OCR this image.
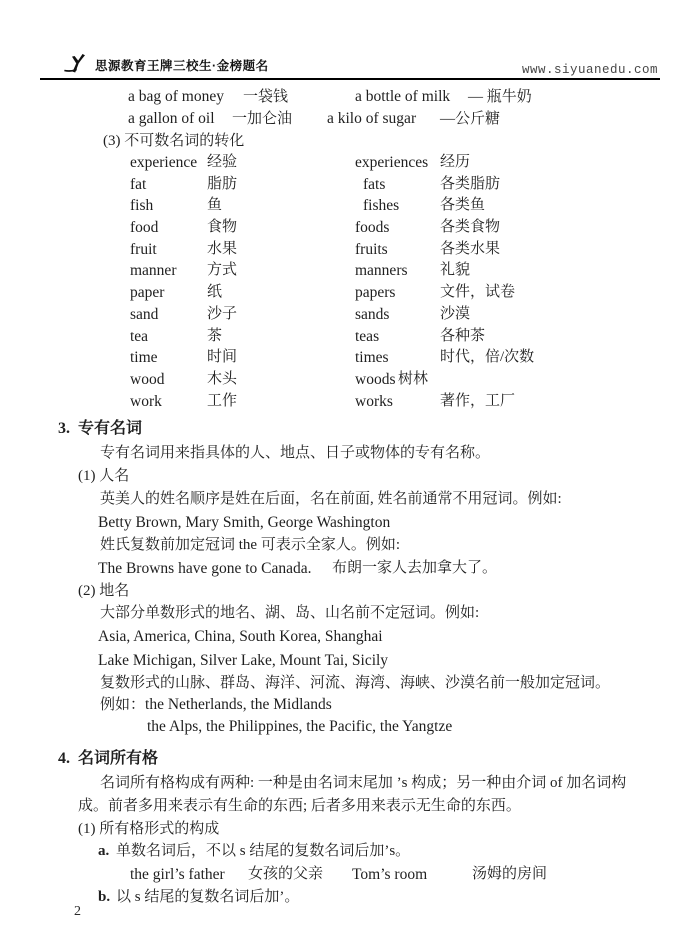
思源教育王牌三校生·金榜题名	www.siyuanedu.com
a bag of money 一袋钱	a bottle of milk — 瓶牛奶
a gallon of oil 一加仑油 a kilo of sugar —公斤糖
(3) 不可数名词的转化
experience 经验	experiences 经历
fat	脂肪	fats	各类脂肪
fish	鱼	fishes	各类鱼
food	食物	foods	各类食物
fruit	水果	fruits	各类水果
manner 方式	manners 礼貌
paper	纸	papers	文件，试卷
sand	沙子	sands	沙漠
tea	茶	teas	各种茶
time	时间	times	时代，倍/次数
wood	木头	woods 树林
work	工作	works	著作，工厂
3. 专有名词
专有名词用来指具体的人、地点、日子或物体的专有名称。
(1) 人名
英美人的姓名顺序是姓在后面，名在前面, 姓名前通常不用冠词。例如:
Betty Brown, Mary Smith, George Washington
姓氏复数前加定冠词 the 可表示全家人。例如:
The Browns have gone to Canada. 布朗一家人去加拿大了。
(2) 地名
大部分单数形式的地名、湖、岛、山名前不定冠词。例如:
Asia, America, China, South Korea, Shanghai
Lake Michigan, Silver Lake, Mount Tai, Sicily
复数形式的山脉、群岛、海洋、河流、海湾、海峡、沙漠名前一般加定冠词。
例如：the Netherlands, the Midlands
the Alps, the Philippines, the Pacific, the Yangtze
4. 名词所有格
名词所有格构成有两种: 一种是由名词末尾加 ’s 构成；另一种由介词 of 加名词构
成。前者多用来表示有生命的东西; 后者多用来表示无生命的东西。
(1) 所有格形式的构成
a. 单数名词后，不以 s 结尾的复数名词后加’s。
the girl’s father 女孩的父亲 Tom’s room	汤姆的房间
b. 以 s 结尾的复数名词后加’。
2
